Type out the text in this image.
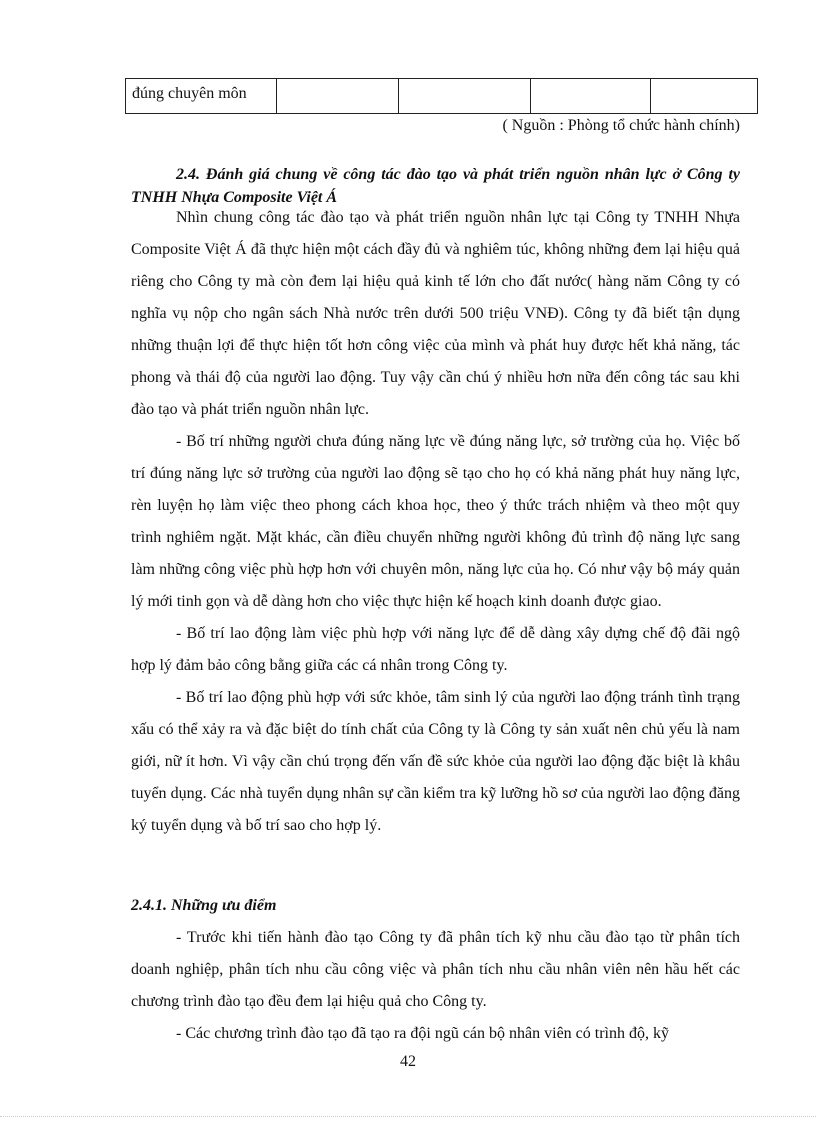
đúng chuyên môn				
( Nguồn : Phòng tổ chức hành chính)
2.4. Đánh giá chung về công tác đào tạo và phát triển nguồn nhân lực ở Công ty TNHH Nhựa Composite Việt Á

Nhìn chung công tác đào tạo và phát triển nguồn nhân lực tại Công ty TNHH Nhựa Composite Việt Á đã thực hiện một cách đầy đủ và nghiêm túc, không những đem lại hiệu quả riêng cho Công ty mà còn đem lại hiệu quả kinh tế lớn cho đất nước( hàng năm Công ty có nghĩa vụ nộp cho ngân sách Nhà nước trên dưới 500 triệu VNĐ). Công ty đã biết tận dụng những thuận lợi để thực hiện tốt hơn công việc của mình và phát huy được hết khả năng, tác phong và thái độ của người lao động. Tuy vậy cần chú ý nhiều hơn nữa đến công tác sau khi đào tạo và phát triển nguồn nhân lực.

- Bố trí những người chưa đúng năng lực về đúng năng lực, sở trường của họ. Việc bố trí đúng năng lực sở trường của người lao động sẽ tạo cho họ có khả năng phát huy năng lực, rèn luyện họ làm việc theo phong cách khoa học, theo ý thức trách nhiệm và theo một quy trình nghiêm ngặt. Mặt khác, cần điều chuyển những người không đủ trình độ năng lực sang làm những công việc phù hợp hơn với chuyên môn, năng lực của họ. Có như vậy bộ máy quản lý mới tinh gọn và dễ dàng hơn cho việc thực hiện kế hoạch kinh doanh được giao.

- Bố trí lao động làm việc phù hợp với năng lực để dễ dàng xây dựng chế độ đãi ngộ hợp lý đảm bảo công bằng giữa các cá nhân trong Công ty.

- Bố trí lao động phù hợp với sức khỏe, tâm sinh lý của người lao động tránh tình trạng xấu có thể xảy ra và đặc biệt do tính chất của Công ty là Công ty sản xuất nên chủ yếu là nam giới, nữ ít hơn. Vì vậy cần chú trọng đến vấn đề sức khỏe của người lao động đặc biệt là khâu tuyển dụng. Các nhà tuyển dụng nhân sự cần kiểm tra kỹ lưỡng hồ sơ của người lao động đăng ký tuyển dụng và bố trí sao cho hợp lý.

2.4.1. Những ưu điểm

- Trước khi tiến hành đào tạo Công ty đã phân tích kỹ nhu cầu đào tạo từ phân tích doanh nghiệp, phân tích nhu cầu công việc và phân tích nhu cầu nhân viên nên hầu hết các chương trình đào tạo đều đem lại hiệu quả cho Công ty.

- Các chương trình đào tạo đã tạo ra đội ngũ cán bộ nhân viên có trình độ, kỹ

42
